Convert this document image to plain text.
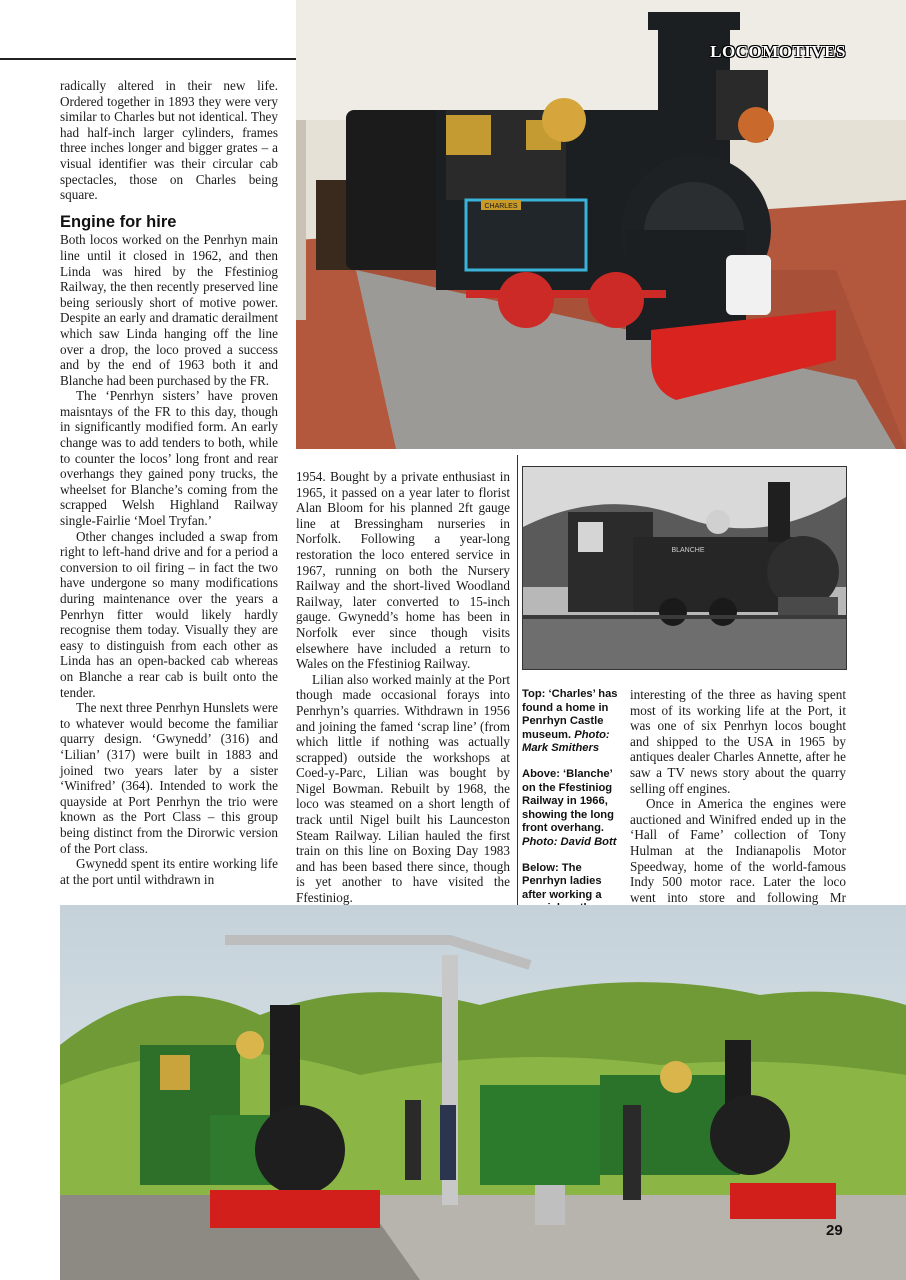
CHARLES
LOCOMOTIVES

radically altered in their new life. Ordered together in 1893 they were very similar to Charles but not identical. They had half-inch larger cylinders, frames three inches longer and bigger grates – a visual identifier was their circular cab spectacles, those on Charles being square.

Engine for hire

Both locos worked on the Penrhyn main line until it closed in 1962, and then Linda was hired by the Ffestiniog Railway, the then recently preserved line being seriously short of motive power. Despite an early and dramatic derailment which saw Linda hanging off the line over a drop, the loco proved a success and by the end of 1963 both it and Blanche had been purchased by the FR.

The ‘Penrhyn sisters’ have proven maisntays of the FR to this day, though in significantly modified form. An early change was to add tenders to both, while to counter the locos’ long front and rear overhangs they gained pony trucks, the wheelset for Blanche’s coming from the scrapped Welsh Highland Railway single-Fairlie ‘Moel Tryfan.’

Other changes included a swap from right to left-hand drive and for a period a conversion to oil firing – in fact the two have undergone so many modifications during maintenance over the years a Penrhyn fitter would likely hardly recognise them today. Visually they are easy to distinguish from each other as Linda has an open-backed cab whereas on Blanche a rear cab is built onto the tender.

The next three Penrhyn Hunslets were to whatever would become the familiar quarry design. ‘Gwynedd’ (316) and ‘Lilian’ (317) were built in 1883 and joined two years later by a sister ‘Winifred’ (364). Intended to work the quayside at Port Penrhyn the trio were known as the Port Class – this group being distinct from the Dirorwic version of the Port class.

Gwynedd spent its entire working life at the port until withdrawn in

1954. Bought by a private enthusiast in 1965, it passed on a year later to florist Alan Bloom for his planned 2ft gauge line at Bressingham nurseries in Norfolk. Following a year-long restoration the loco entered service in 1967, running on both the Nursery Railway and the short-lived Woodland Railway, later converted to 15-inch gauge. Gwynedd’s home has been in Norfolk ever since though visits elsewhere have included a return to Wales on the Ffestiniog Railway.

Lilian also worked mainly at the Port though made occasional forays into Penrhyn’s quarries. Withdrawn in 1956 and joining the famed ‘scrap line’ (from which little if nothing was actually scrapped) outside the workshops at Coed-y-Parc, Lilian was bought by Nigel Bowman. Rebuilt by 1968, the loco was steamed on a short length of track until Nigel built his Launceston Steam Railway. Lilian hauled the first train on this line on Boxing Day 1983 and has been based there since, though is yet another to have visited the Ffestiniog.

BLANCHE

Top: ‘Charles’ has found a home in Penrhyn Castle museum. Photo: Mark Smithers

Above: ‘Blanche’ on the Ffestiniog Railway in 1966, showing the long front overhang. Photo: David Bott

Below: The Penrhyn ladies after working a

interesting of the three as having spent most of its working life at the Port, it was one of six Penrhyn locos bought and shipped to the USA in 1965 by antiques dealer Charles Annette, after he saw a TV news story about the quarry selling off engines.

Once in America the engines were auctioned and Winifred ended up in the ‘Hall of Fame’ collection of Tony Hulman at the Indianapolis Motor Speedway, home of the world-famous Indy 500 motor race. Later the loco went into store and following Mr

29
